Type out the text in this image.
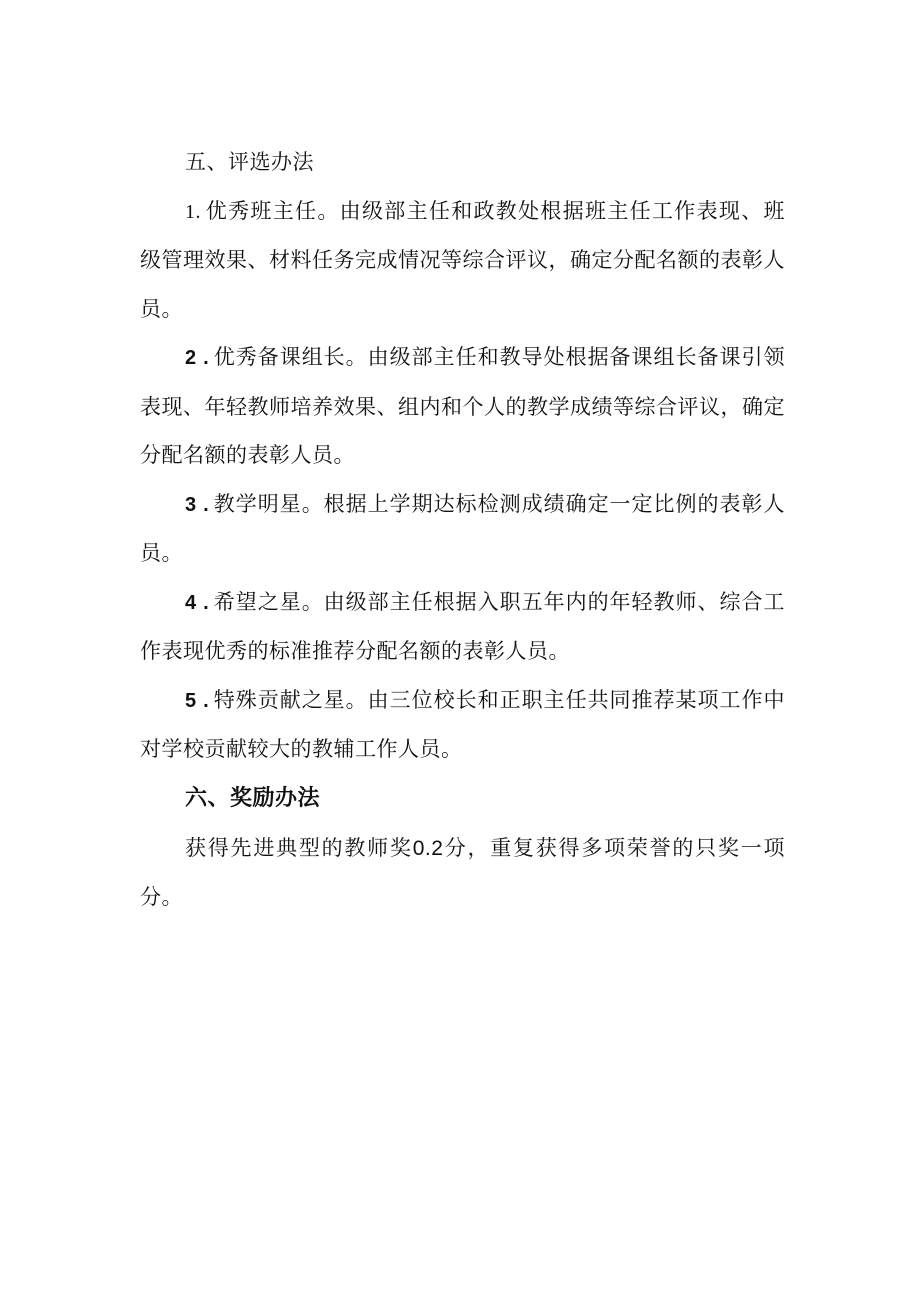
五、评选办法

1. 优秀班主任。由级部主任和政教处根据班主任工作表现、班级管理效果、材料任务完成情况等综合评议，确定分配名额的表彰人员。

2 . 优秀备课组长。由级部主任和教导处根据备课组长备课引领表现、年轻教师培养效果、组内和个人的教学成绩等综合评议，确定分配名额的表彰人员。

3 . 教学明星。根据上学期达标检测成绩确定一定比例的表彰人员。

4 . 希望之星。由级部主任根据入职五年内的年轻教师、综合工作表现优秀的标准推荐分配名额的表彰人员。

5 . 特殊贡献之星。由三位校长和正职主任共同推荐某项工作中对学校贡献较大的教辅工作人员。

六、奖励办法

获得先进典型的教师奖0.2分，重复获得多项荣誉的只奖一项分。
